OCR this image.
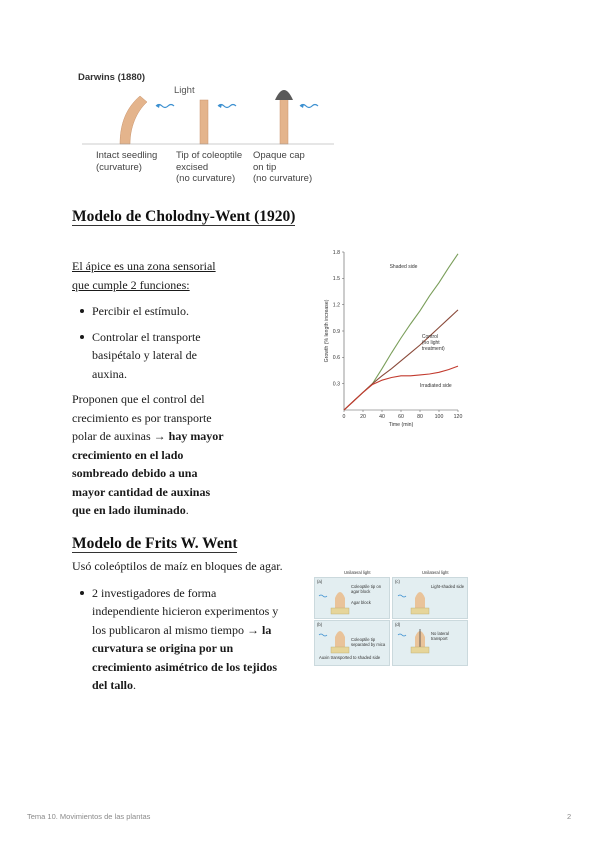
Darwins (1880)
Light
Intact seedling
(curvature)
Tip of coleoptile
excised
(no curvature)
Opaque cap
on tip
(no curvature)
Modelo de Cholodny-Went (1920)
El ápice es una zona sensorial
que cumple 2 funciones:
Percibir el estímulo.
Controlar el transporte
basipétalo y lateral de
auxina.
Proponen que el control del
crecimiento es por transporte
polar de auxinas → hay mayor
crecimiento en el lado
sombreado debido a una
mayor cantidad de auxinas
que en lado iluminado.
0	20	40	60	80 100 120
0.3
0.6
0.9
1.2
1.5
1.8
Time (min)
Growth (% length increase)
Shaded side
Control
(no light
treatment)
Irradiated side
Modelo de Frits W. Went
Usó coleóptilos de maíz en bloques de agar.
2 investigadores de forma
independiente hicieron experimentos y
los publicaron al mismo tiempo → la
curvatura se origina por un
crecimiento asimétrico de los tejidos
del tallo.
Unilateral light	Unilateral light
(a)
Coleoptile tip on agar block
Agar block
(b)
Coleoptile tip separated by mica
Auxin transported to shaded side
(c)
Light-shaded side
(d)
No lateral transport
Tema 10. Movimientos de las plantas	2
